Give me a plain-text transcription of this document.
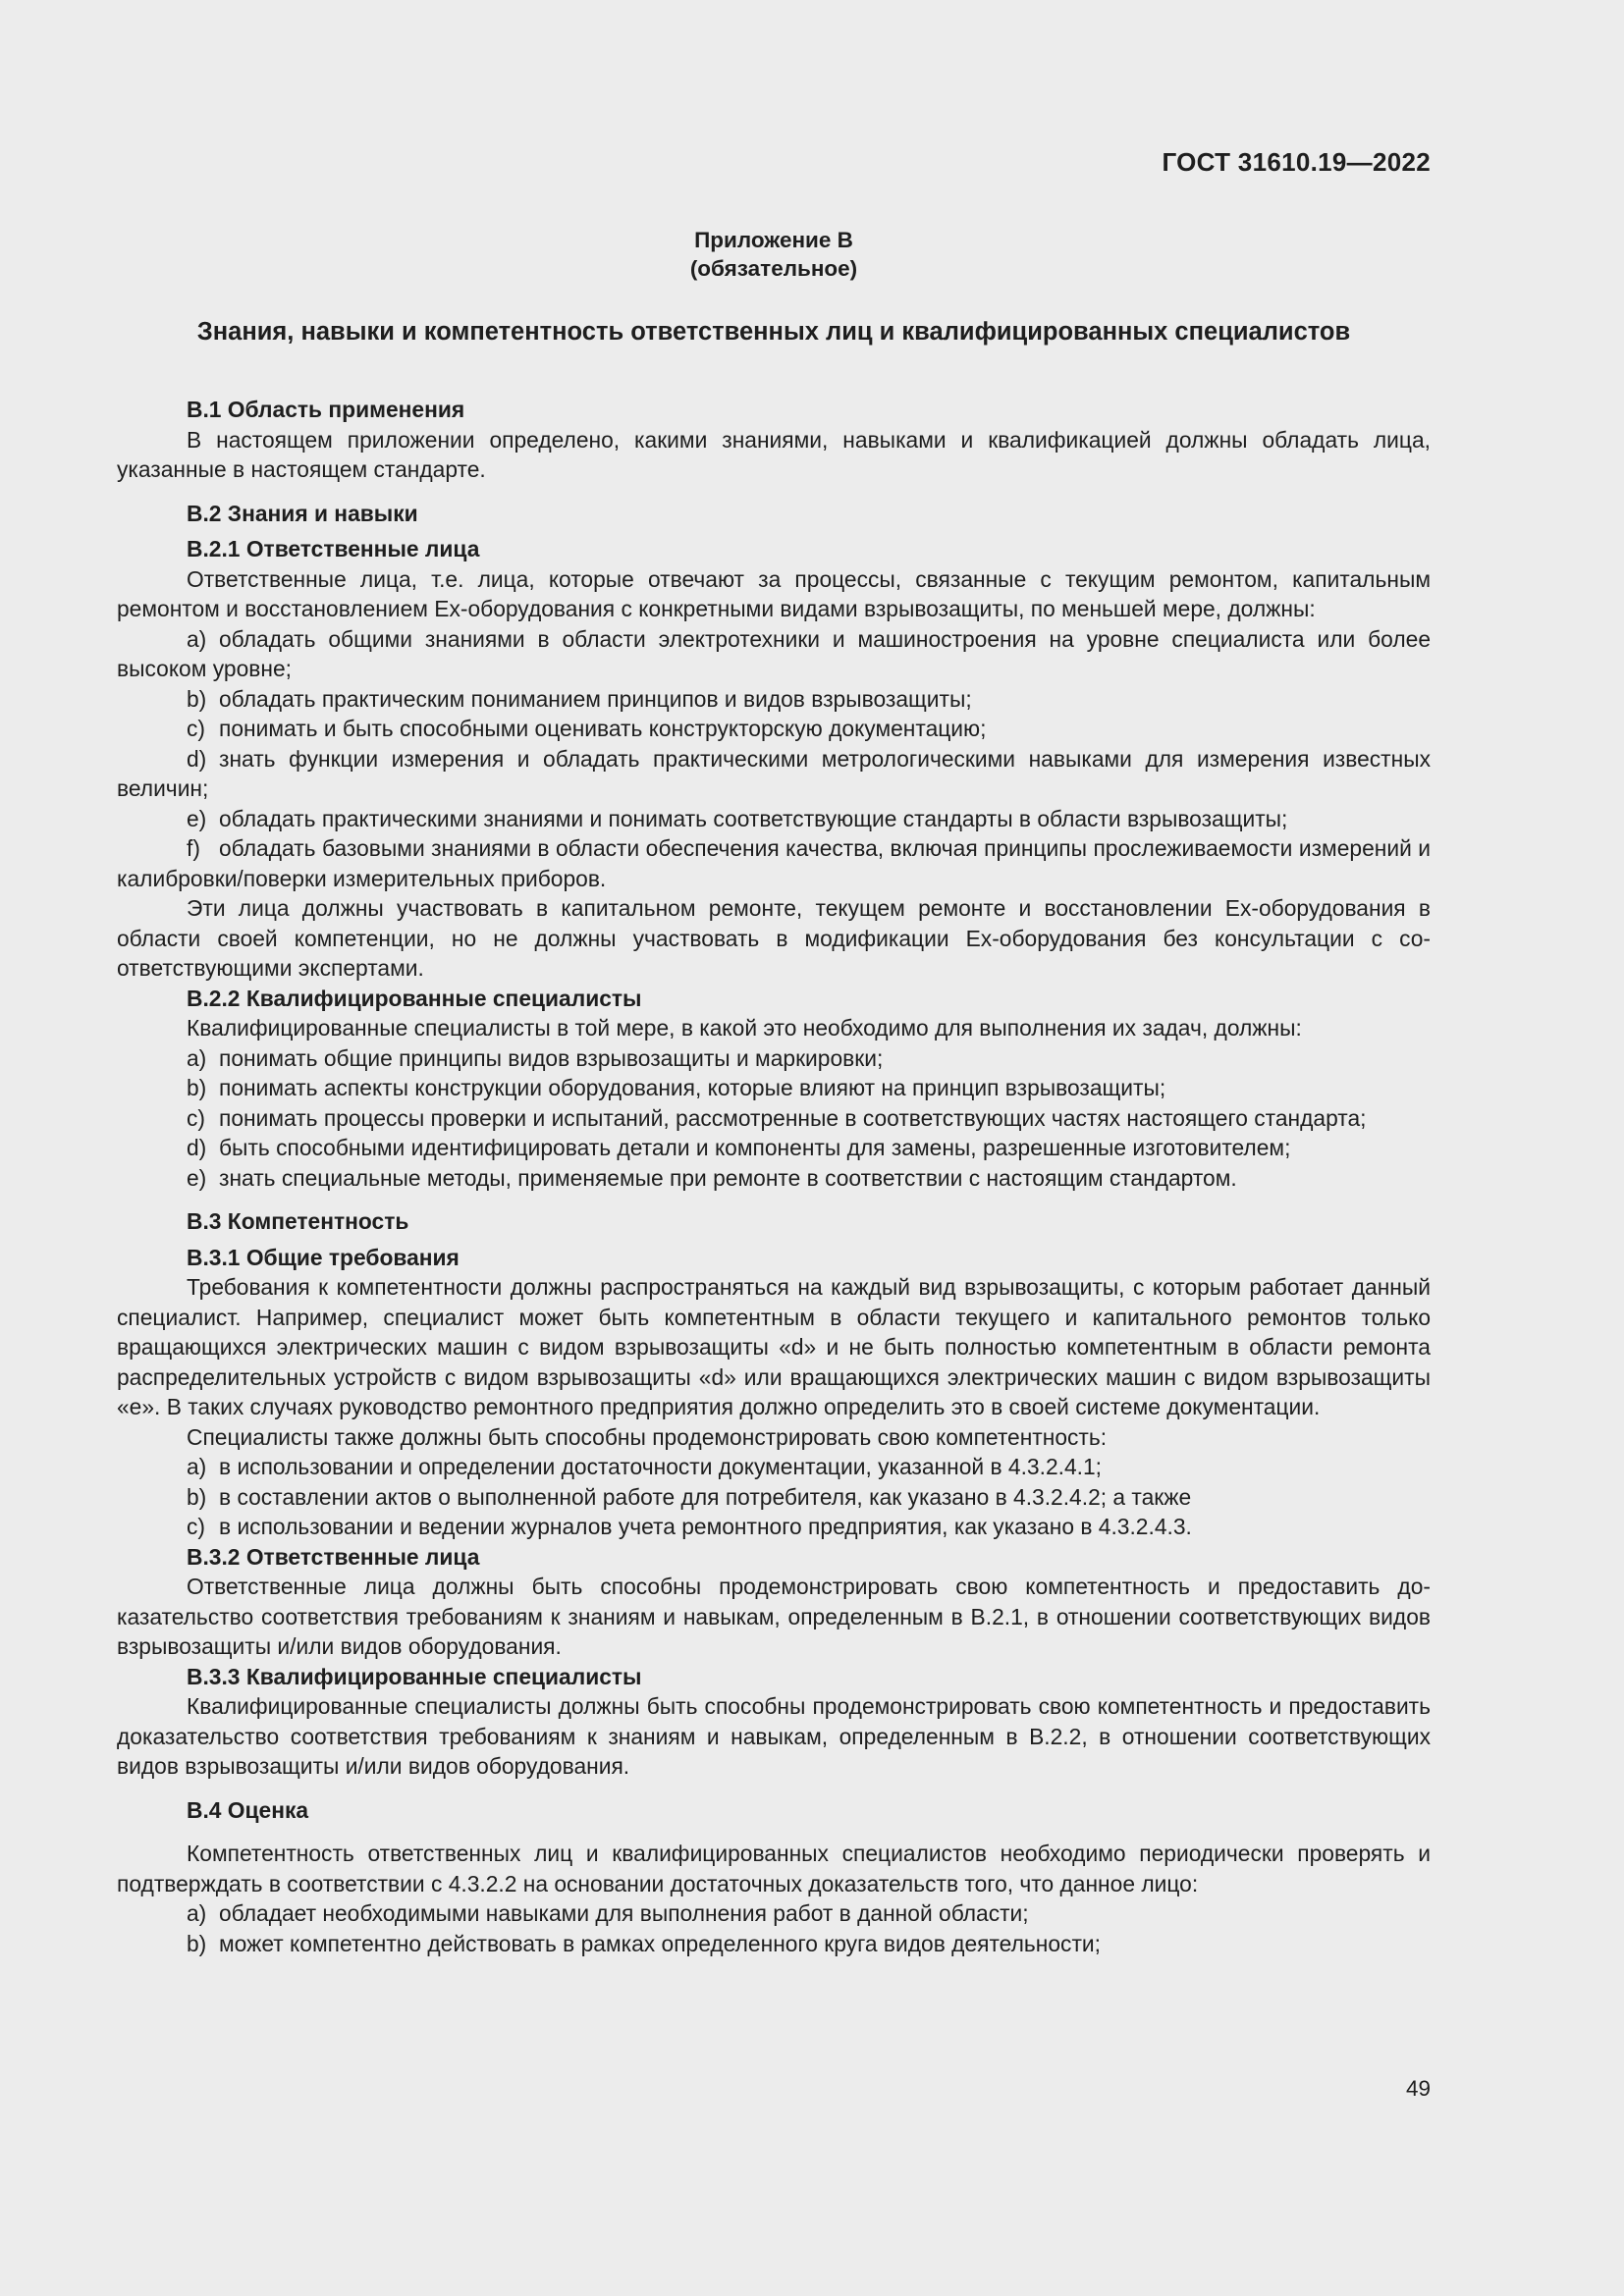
ГОСТ 31610.19—2022
Приложение В
(обязательное)
Знания, навыки и компетентность ответственных лиц и квалифицированных специалистов

В.1 Область применения

В настоящем приложении определено, какими знаниями, навыками и квалификацией должны обладать лица, указанные в настоящем стандарте.

В.2 Знания и навыки

В.2.1 Ответственные лица

Ответственные лица, т.е. лица, которые отвечают за процессы, связанные с текущим ремонтом, капитальным ремонтом и восстановлением Ex-оборудования с конкретными видами взрывозащиты, по меньшей мере, должны:

а) обладать общими знаниями в области электротехники и машиностроения на уровне специалиста или более высоком уровне;

b) обладать практическим пониманием принципов и видов взрывозащиты;

с) понимать и быть способными оценивать конструкторскую документацию;

d) знать функции измерения и обладать практическими метрологическими навыками для измерения известных величин;

е) обладать практическими знаниями и понимать соответствующие стандарты в области взрывозащиты;

f) обладать базовыми знаниями в области обеспечения качества, включая принципы прослеживаемости измерений и калибровки/поверки измерительных приборов.

Эти лица должны участвовать в капитальном ремонте, текущем ремонте и восстановлении Ex-оборудования в области своей компетенции, но не должны участвовать в модификации Ex-оборудования без консультации с соответствующими экспертами.

В.2.2 Квалифицированные специалисты

Квалифицированные специалисты в той мере, в какой это необходимо для выполнения их задач, должны:

а) понимать общие принципы видов взрывозащиты и маркировки;

b) понимать аспекты конструкции оборудования, которые влияют на принцип взрывозащиты;

с) понимать процессы проверки и испытаний, рассмотренные в соответствующих частях настоящего стандарта;

d) быть способными идентифицировать детали и компоненты для замены, разрешенные изготовителем;

е) знать специальные методы, применяемые при ремонте в соответствии с настоящим стандартом.

В.3 Компетентность

В.3.1 Общие требования

Требования к компетентности должны распространяться на каждый вид взрывозащиты, с которым работает данный специалист. Например, специалист может быть компетентным в области текущего и капитального ремонтов только вращающихся электрических машин с видом взрывозащиты «d» и не быть полностью компетентным в области ремонта распределительных устройств с видом взрывозащиты «d» или вращающихся электрических машин с видом взрывозащиты «е». В таких случаях руководство ремонтного предприятия должно определить это в своей системе документации.

Специалисты также должны быть способны продемонстрировать свою компетентность:

а) в использовании и определении достаточности документации, указанной в 4.3.2.4.1;

b) в составлении актов о выполненной работе для потребителя, как указано в 4.3.2.4.2; а также

с) в использовании и ведении журналов учета ремонтного предприятия, как указано в 4.3.2.4.3.

В.3.2 Ответственные лица

Ответственные лица должны быть способны продемонстрировать свою компетентность и предоставить доказательство соответствия требованиям к знаниям и навыкам, определенным в В.2.1, в отношении соответствующих видов взрывозащиты и/или видов оборудования.

В.3.3 Квалифицированные специалисты

Квалифицированные специалисты должны быть способны продемонстрировать свою компетентность и предоставить доказательство соответствия требованиям к знаниям и навыкам, определенным в В.2.2, в отношении соответствующих видов взрывозащиты и/или видов оборудования.

В.4 Оценка

Компетентность ответственных лиц и квалифицированных специалистов необходимо периодически проверять и подтверждать в соответствии с 4.3.2.2 на основании достаточных доказательств того, что данное лицо:

а) обладает необходимыми навыками для выполнения работ в данной области;

b) может компетентно действовать в рамках определенного круга видов деятельности;

49
